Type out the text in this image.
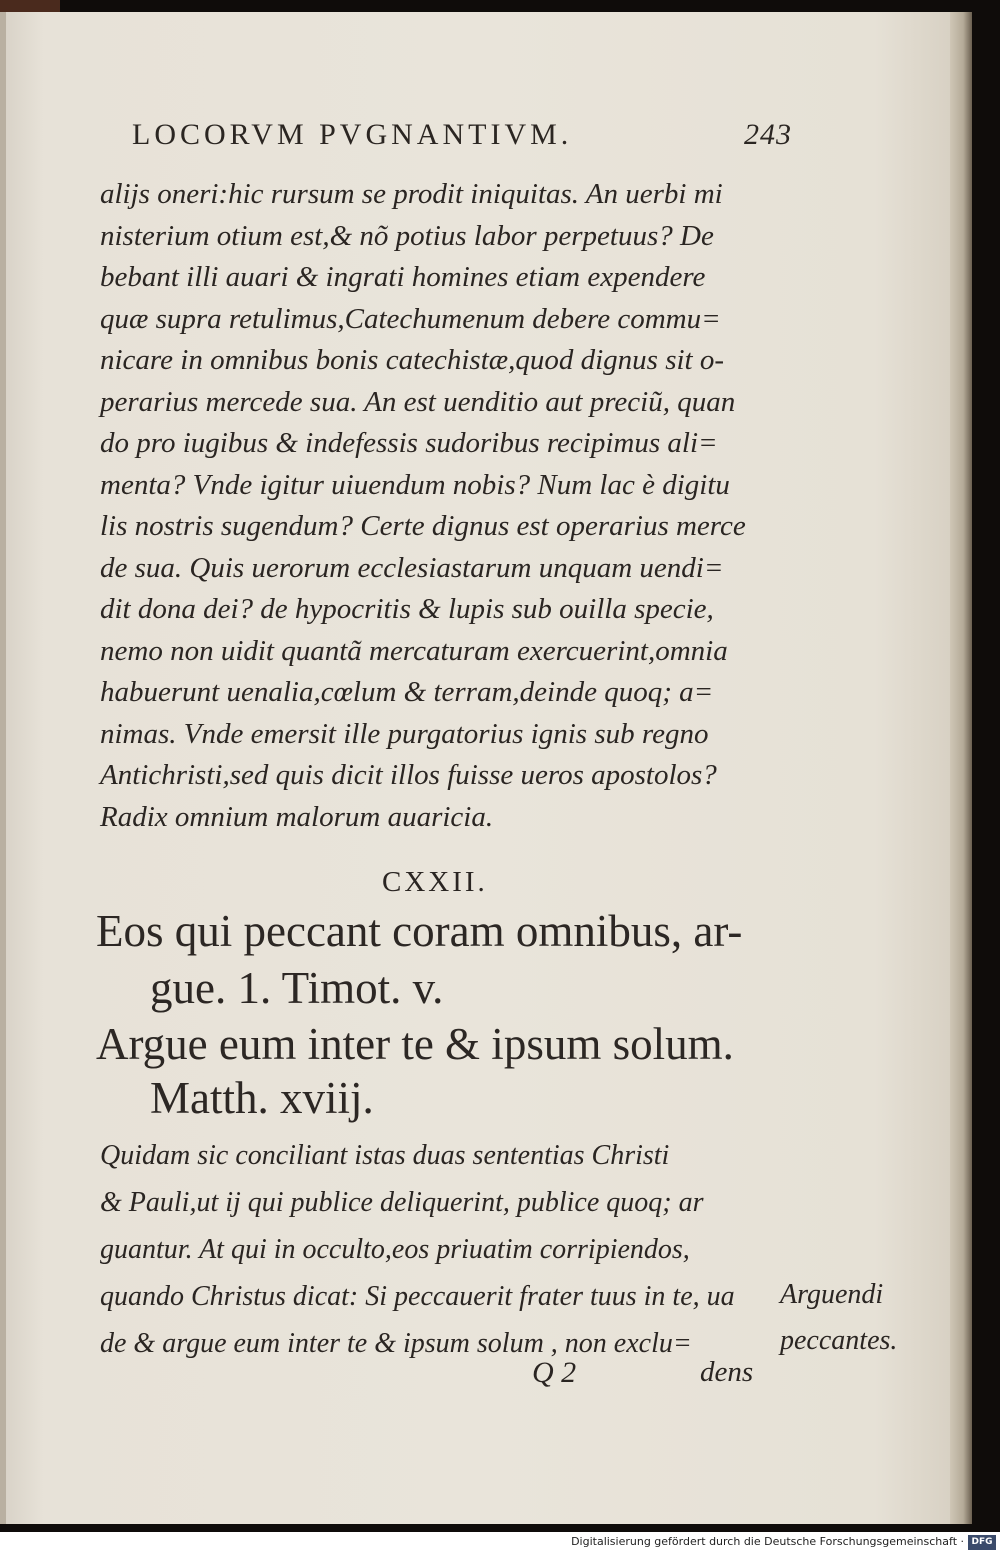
LOCORVM PVGNANTIVM.	243
alijs oneri:hic rursum se prodit iniquitas. An uerbi mi
nisterium otium est,& nõ potius labor perpetuus? De
bebant illi auari & ingrati homines etiam expendere
quæ supra retulimus,Catechumenum debere commu=
nicare in omnibus bonis catechistæ,quod dignus sit o-
perarius mercede sua. An est uenditio aut preciũ, quan
do pro iugibus & indefessis sudoribus recipimus ali=
menta? Vnde igitur uiuendum nobis? Num lac è digitu
lis nostris sugendum? Certe dignus est operarius merce
de sua. Quis uerorum ecclesiastarum unquam uendi=
dit dona dei? de hypocritis & lupis sub ouilla specie,
nemo non uidit quantã mercaturam exercuerint,omnia
habuerunt uenalia,cœlum & terram,deinde quoq; a=
nimas. Vnde emersit ille purgatorius ignis sub regno
Antichristi,sed quis dicit illos fuisse ueros apostolos?
Radix omnium malorum auaricia.
CXXII.
Eos qui peccant coram omnibus, ar-
gue. 1. Timot. v.
Argue eum inter te & ipsum solum.
Matth. xviij.
Quidam sic conciliant istas duas sententias Christi
& Pauli,ut ij qui publice deliquerint, publice quoq; ar
guantur. At qui in occulto,eos priuatim corripiendos,
quando Christus dicat: Si peccauerit frater tuus in te, ua
de & argue eum inter te & ipsum solum , non exclu=
Arguendi
peccantes.
Q 2	dens
Digitalisierung gefördert durch die Deutsche Forschungsgemeinschaft · DFG
